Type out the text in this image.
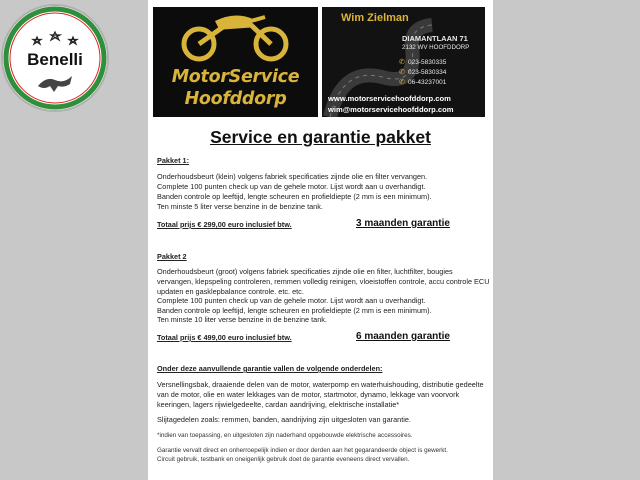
Benelli
MotorService
Hoofddorp
Wim Zielman
DIAMANTLAAN 71
2132 WV HOOFDDORP
✆ 023-5830335
✆ 023-5830334
✆ 06-43237001
www.motorservicehoofddorp.com
wim@motorservicehoofddorp.com
Service en garantie pakket
Pakket 1:
Onderhoudsbeurt (klein) volgens fabriek specificaties zijnde olie en filter vervangen.
Complete 100 punten check up van de gehele motor. Lijst wordt aan u overhandigt.
Banden controle op leeftijd, lengte scheuren en profieldiepte (2 mm is een minimum).
Ten minste 5 liter verse benzine in de benzine tank.
Totaal prijs € 299,00 euro inclusief btw.	3 maanden garantie
Pakket 2
Onderhoudsbeurt (groot) volgens fabriek specificaties zijnde olie en filter, luchtfilter, bougies
vervangen, klepspeling controleren, remmen volledig reinigen, vloeistoffen controle, accu controle ECU
updaten en gasklepbalance controle. etc. etc.
Complete 100 punten check up van de gehele motor. Lijst wordt aan u overhandigt.
Banden controle op leeftijd, lengte scheuren en profieldiepte (2 mm is een minimum).
Ten minste 10 liter verse benzine in de benzine tank.
Totaal prijs € 499,00 euro inclusief btw.	6 maanden garantie
Onder deze aanvullende garantie vallen de volgende onderdelen:
Versnellingsbak, draaiende delen van de motor, waterpomp en waterhuishouding, distributie gedeelte
van de motor, olie en water lekkages van de motor, startmotor, dynamo, lekkage van voorvork
keeringen, lagers rijwielgedeelte, cardan aandrijving, elektrische installatie*
Slijtagedelen zoals: remmen, banden, aandrijving zijn uitgesloten van garantie.
*indien van toepassing, en uitgesloten zijn naderhand opgebouwde elektrische accessoires.
Garantie vervalt direct en onherroepelijk indien er door derden aan het gegarandeerde object is gewerkt.
Circuit gebruik, testbank en oneigenlijk gebruik doet de garantie eveneens direct vervallen.
